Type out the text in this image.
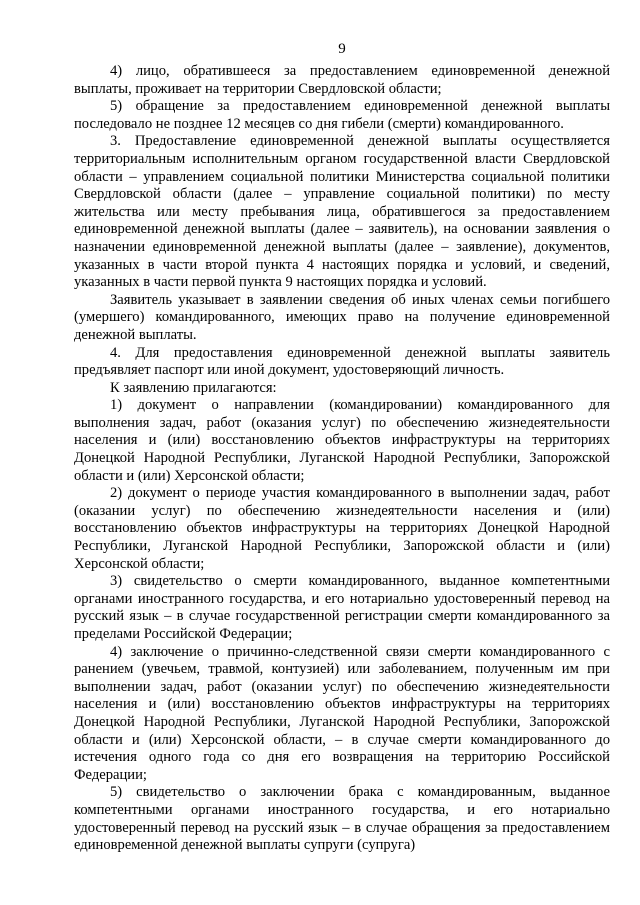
9

4) лицо, обратившееся за предоставлением единовременной денежной выплаты, проживает на территории Свердловской области;

5) обращение за предоставлением единовременной денежной выплаты последовало не позднее 12 месяцев со дня гибели (смерти) командированного.

3. Предоставление единовременной денежной выплаты осуществляется территориальным исполнительным органом государственной власти Свердловской области – управлением социальной политики Министерства социальной политики Свердловской области (далее – управление социальной политики) по месту жительства или месту пребывания лица, обратившегося за предоставлением единовременной денежной выплаты (далее – заявитель), на основании заявления о назначении единовременной денежной выплаты (далее – заявление), документов, указанных в части второй пункта 4 настоящих порядка и условий, и сведений, указанных в части первой пункта 9 настоящих порядка и условий.

Заявитель указывает в заявлении сведения об иных членах семьи погибшего (умершего) командированного, имеющих право на получение единовременной денежной выплаты.

4. Для предоставления единовременной денежной выплаты заявитель предъявляет паспорт или иной документ, удостоверяющий личность.

К заявлению прилагаются:

1) документ о направлении (командировании) командированного для выполнения задач, работ (оказания услуг) по обеспечению жизнедеятельности населения и (или) восстановлению объектов инфраструктуры на территориях Донецкой Народной Республики, Луганской Народной Республики, Запорожской области и (или) Херсонской области;

2) документ о периоде участия командированного в выполнении задач, работ (оказании услуг) по обеспечению жизнедеятельности населения и (или) восстановлению объектов инфраструктуры на территориях Донецкой Народной Республики, Луганской Народной Республики, Запорожской области и (или) Херсонской области;

3) свидетельство о смерти командированного, выданное компетентными органами иностранного государства, и его нотариально удостоверенный перевод на русский язык – в случае государственной регистрации смерти командированного за пределами Российской Федерации;

4) заключение о причинно-следственной связи смерти командированного с ранением (увечьем, травмой, контузией) или заболеванием, полученным им при выполнении задач, работ (оказании услуг) по обеспечению жизнедеятельности населения и (или) восстановлению объектов инфраструктуры на территориях Донецкой Народной Республики, Луганской Народной Республики, Запорожской области и (или) Херсонской области, – в случае смерти командированного до истечения одного года со дня его возвращения на территорию Российской Федерации;

5) свидетельство о заключении брака с командированным, выданное компетентными органами иностранного государства, и его нотариально удостоверенный перевод на русский язык – в случае обращения за предоставлением единовременной денежной выплаты супруги (супруга)
